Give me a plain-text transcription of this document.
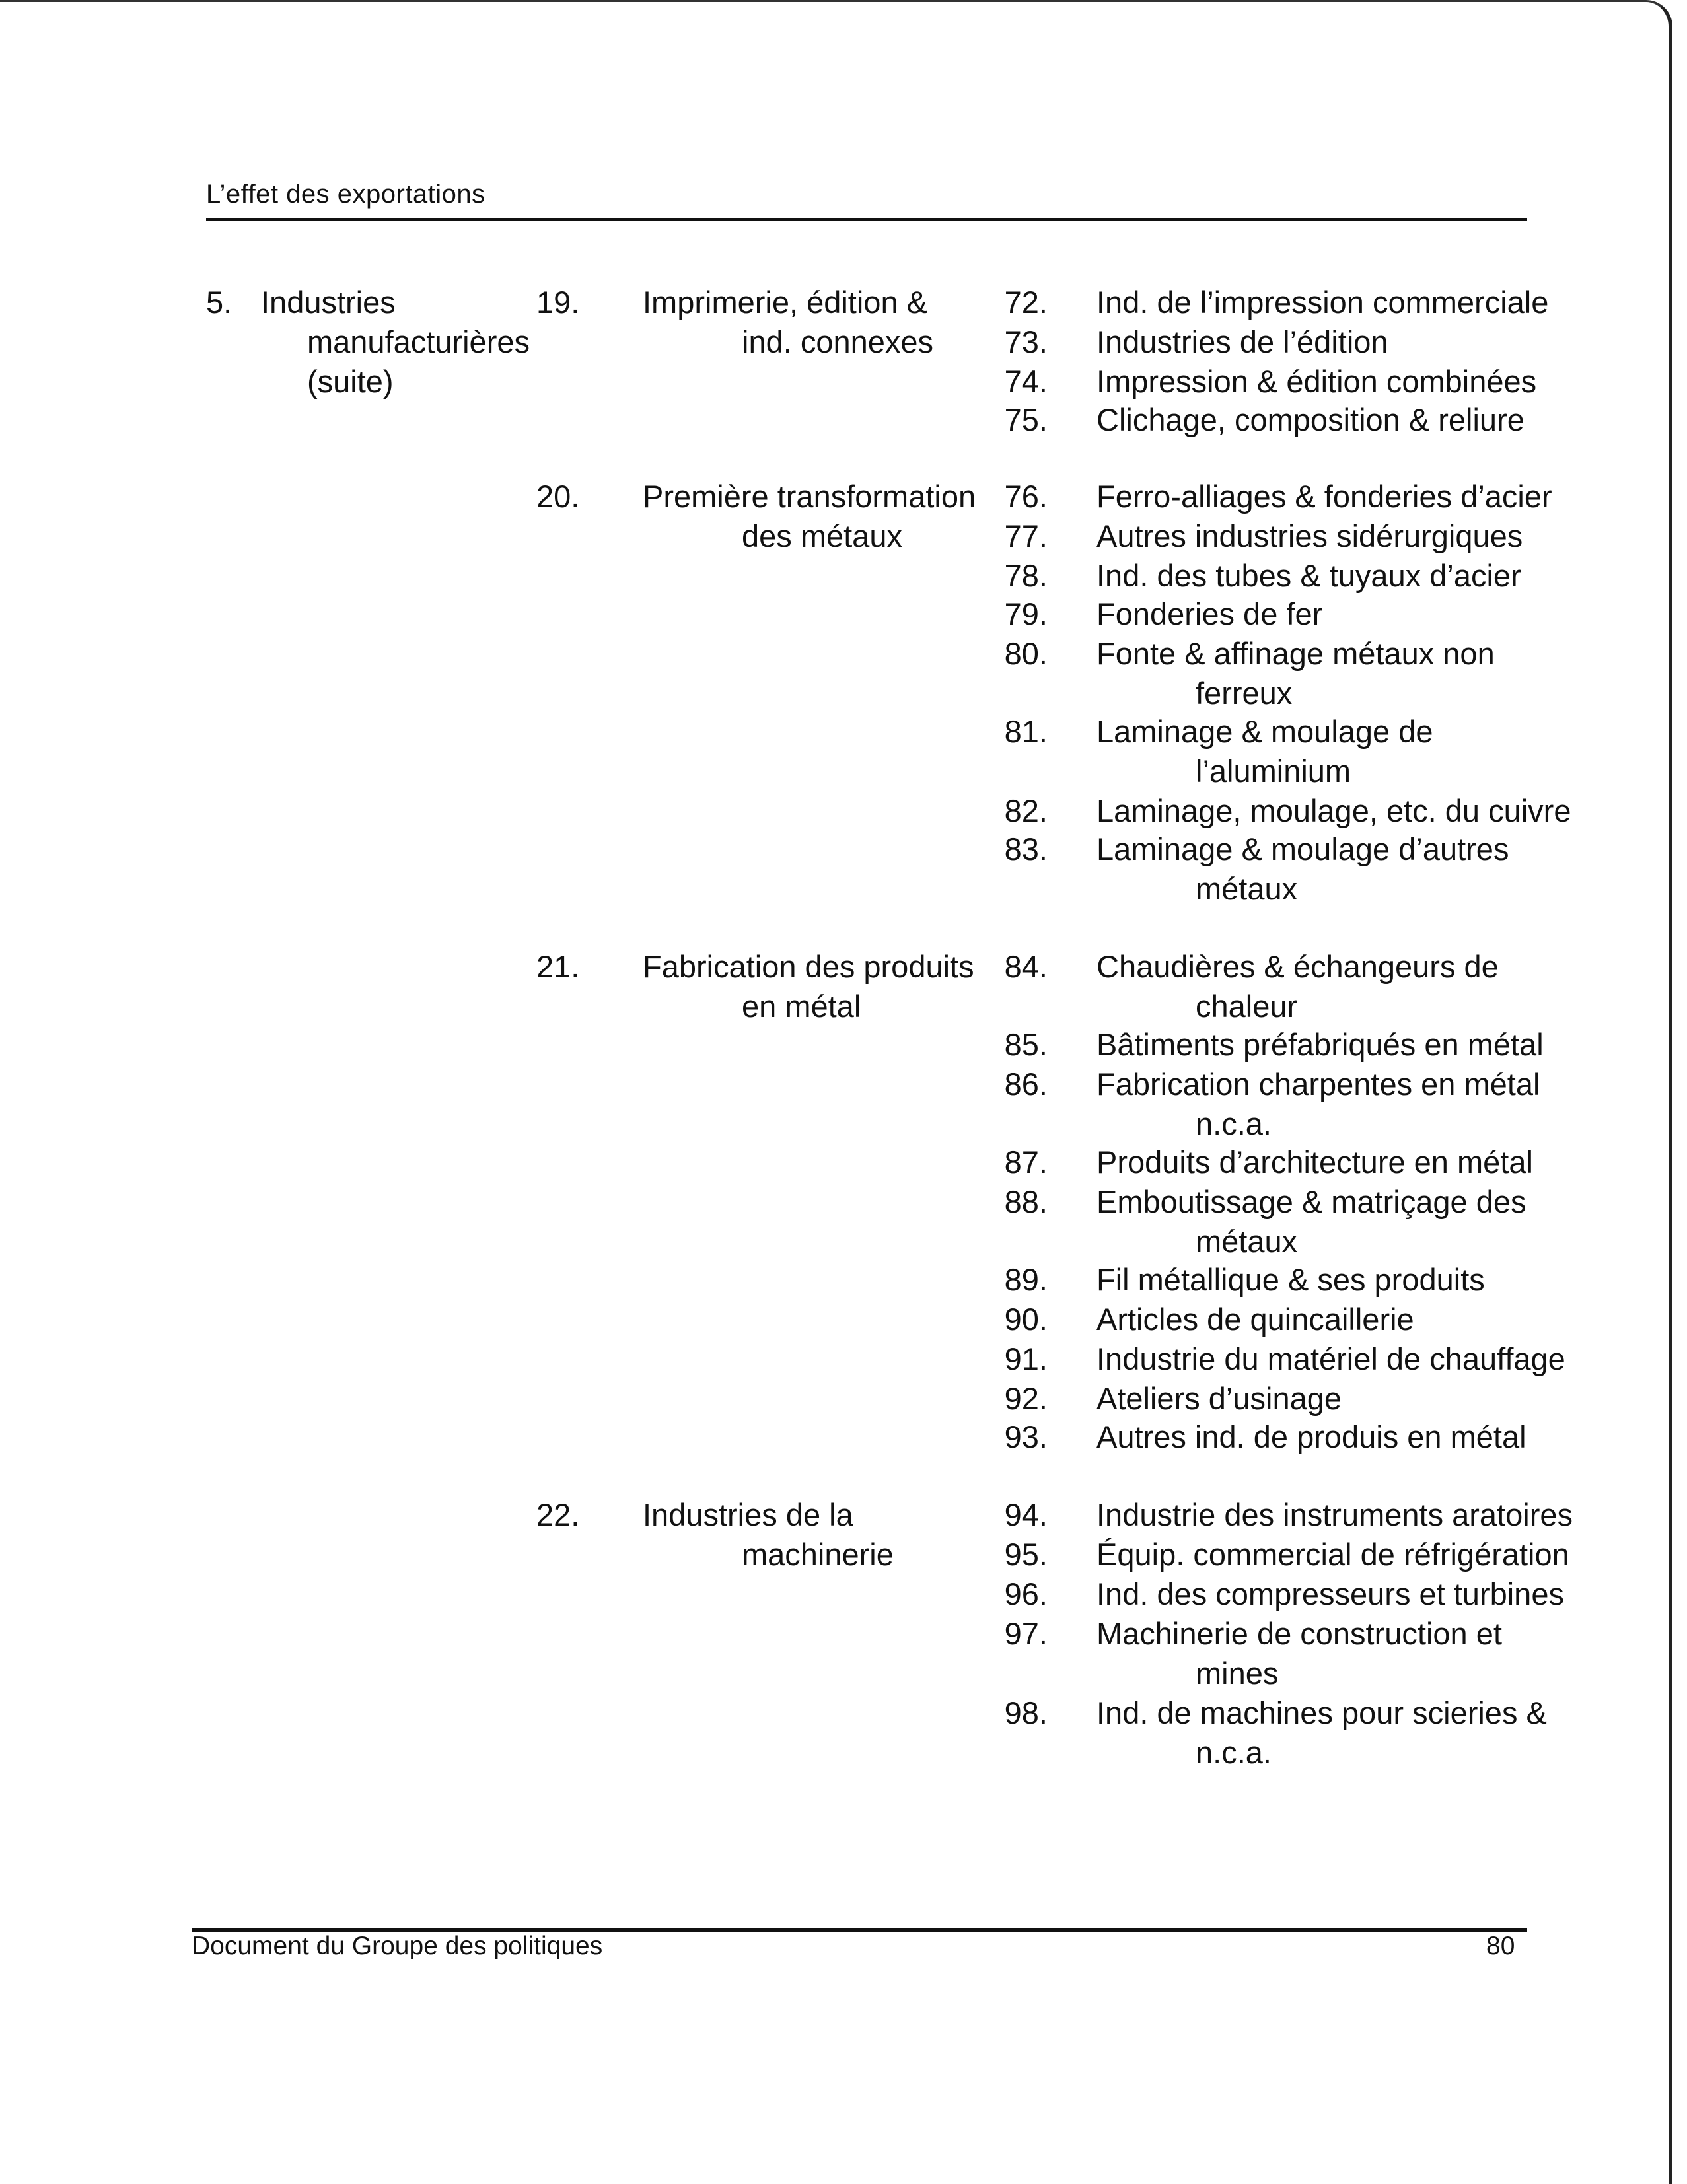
L’effet des exportations
5. Industries
manufacturières
(suite)
19. Imprimerie, édition &
ind. connexes
72. Ind. de l’impression commerciale
73. Industries de l’édition
74. Impression & édition combinées
75. Clichage, composition & reliure
20. Première transformation
des métaux
76. Ferro-alliages & fonderies d’acier
77. Autres industries sidérurgiques
78. Ind. des tubes & tuyaux d’acier
79. Fonderies de fer
80. Fonte & affinage métaux non
ferreux
81. Laminage & moulage de
l’aluminium
82. Laminage, moulage, etc. du cuivre
83. Laminage & moulage d’autres
métaux
21. Fabrication des produits
en métal
84. Chaudières & échangeurs de
chaleur
85. Bâtiments préfabriqués en métal
86. Fabrication charpentes en métal
n.c.a.
87. Produits d’architecture en métal
88. Emboutissage & matriçage des
métaux
89. Fil métallique & ses produits
90. Articles de quincaillerie
91. Industrie du matériel de chauffage
92. Ateliers d’usinage
93. Autres ind. de produis en métal
22. Industries de la
machinerie
94. Industrie des instruments aratoires
95. Équip. commercial de réfrigération
96. Ind. des compresseurs et turbines
97. Machinerie de construction et
mines
98. Ind. de machines pour scieries &
n.c.a.
Document du Groupe des politiques	80
